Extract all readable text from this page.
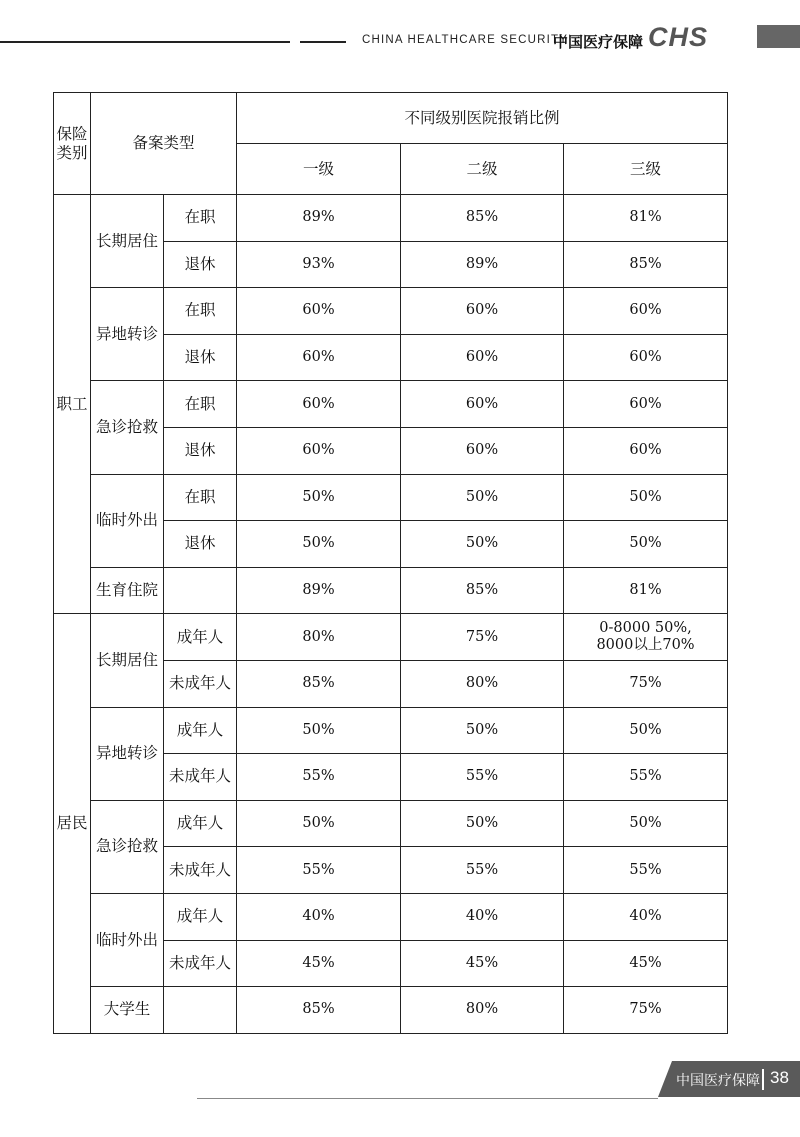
CHINA HEALTHCARE SECURITY
中国医疗保障 CHS
保险类别	备案类型		不同级别医院报销比例		
			一级	二级	三级
职工	长期居住	在职	89%	85%	81%
		退休	93%	89%	85%
	异地转诊	在职	60%	60%	60%
		退休	60%	60%	60%
	急诊抢救	在职	60%	60%	60%
		退休	60%	60%	60%
	临时外出	在职	50%	50%	50%
		退休	50%	50%	50%
	生育住院		89%	85%	81%
居民	长期居住	成年人	80%	75%	0-8000 50%,
8000以上70%

		未成年人	85%	80%	75%
	异地转诊	成年人	50%	50%	50%
		未成年人	55%	55%	55%
	急诊抢救	成年人	50%	50%	50%
		未成年人	55%	55%	55%
	临时外出	成年人	40%	40%	40%
		未成年人	45%	45%	45%
	大学生		85%	80%	75%
中国医疗保障 38
